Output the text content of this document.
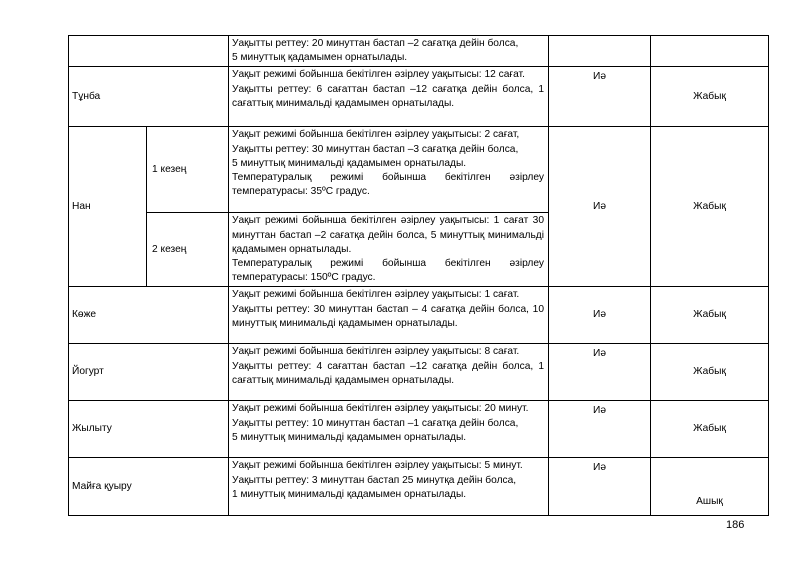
		Уақытты реттеу: 20 минуттан бастап –2 сағатқа дейін болса,
5 минуттық қадамымен орнатылады.		

Тұнба		Уақыт режимі бойынша бекітілген әзірлеу уақытысы: 12 сағат.
Уақытты реттеу: 6 сағаттан бастап –12 сағатқа дейін болса, 1 сағаттық минимальді қадамымен орнатылады.	Иә	Жабық
Нан	1 кезең	Уақыт режимі бойынша бекітілген әзірлеу уақытысы: 2 сағат,
Уақытты реттеу: 30 минуттан бастап –3 сағатқа дейін болса,
5 минуттық минимальді қадамымен орнатылады.
Температуралық режимі бойынша бекітілген әзірлеу температурасы: 35ºС градус.	Иә	Жабық
	2 кезең	Уақыт режимі бойынша бекітілген әзірлеу уақытысы: 1 сағат 30 минуттан бастап –2 сағатқа дейін болса, 5 минуттық минимальді қадамымен орнатылады.
Температуралық режимі бойынша бекітілген әзірлеу температурасы: 150ºС градус.		

Көже		Уақыт режимі бойынша бекітілген әзірлеу уақытысы: 1 сағат.
Уақытты реттеу: 30 минуттан бастап – 4 сағатқа дейін болса, 10 минуттық минимальді қадамымен орнатылады.	Иә	Жабық
Йогурт		Уақыт режимі бойынша бекітілген әзірлеу уақытысы: 8 сағат.
Уақытты реттеу: 4 сағаттан бастап –12 сағатқа дейін болса, 1 сағаттық минимальді қадамымен орнатылады.	Иә	Жабық
Жылыту		Уақыт режимі бойынша бекітілген әзірлеу уақытысы: 20 минут.
Уақытты реттеу: 10 минуттан бастап –1 сағатқа дейін болса,
5 минуттық минимальді қадамымен орнатылады.	Иә	Жабық
Майға қуыру		Уақыт режимі бойынша бекітілген әзірлеу уақытысы: 5 минут.
Уақытты реттеу: 3 минуттан бастап 25 минутқа дейін болса,
1 минуттық минимальді қадамымен орнатылады.	Иә	Ашық
186
